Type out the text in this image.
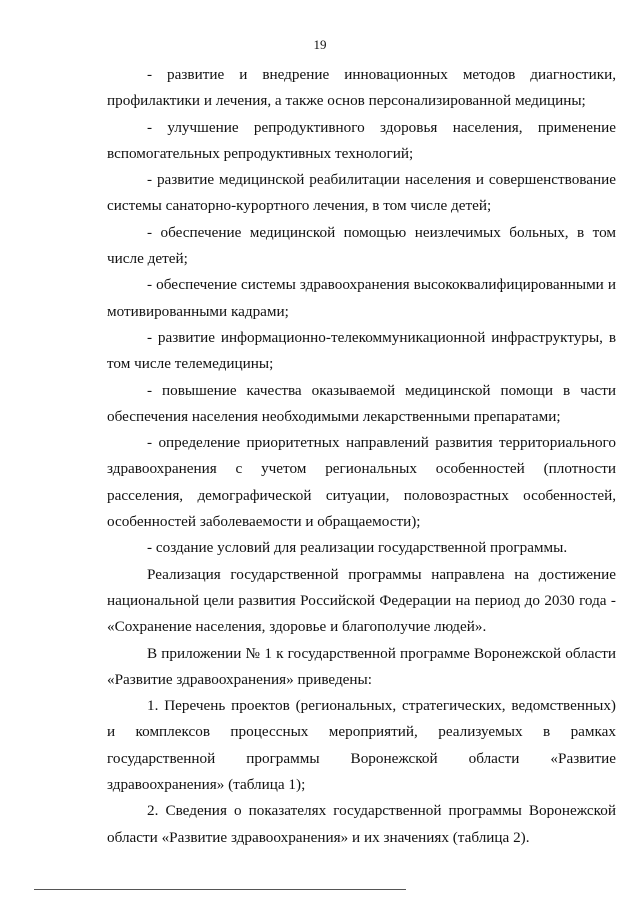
19

- развитие и внедрение инновационных методов диагностики, профилактики и лечения, а также основ персонализированной медицины;

- улучшение репродуктивного здоровья населения, применение вспомогательных репродуктивных технологий;

- развитие медицинской реабилитации населения и совершенствование системы санаторно-курортного лечения, в том числе детей;

- обеспечение медицинской помощью неизлечимых больных, в том числе детей;

- обеспечение системы здравоохранения высококвалифицированными и мотивированными кадрами;

- развитие информационно-телекоммуникационной инфраструктуры, в том числе телемедицины;

- повышение качества оказываемой медицинской помощи в части обеспечения населения необходимыми лекарственными препаратами;

- определение приоритетных направлений развития территориального здравоохранения с учетом региональных особенностей (плотности расселения, демографической ситуации, половозрастных особенностей, особенностей заболеваемости и обращаемости);

- создание условий для реализации государственной программы.

Реализация государственной программы направлена на достижение национальной цели развития Российской Федерации на период до 2030 года - «Сохранение населения, здоровье и благополучие людей».

В приложении № 1 к государственной программе Воронежской области «Развитие здравоохранения» приведены:

1. Перечень проектов (региональных, стратегических, ведомственных) и комплексов процессных мероприятий, реализуемых в рамках государственной программы Воронежской области «Развитие здравоохранения» (таблица 1);

2. Сведения о показателях государственной программы Воронежской области «Развитие здравоохранения» и их значениях (таблица 2).
